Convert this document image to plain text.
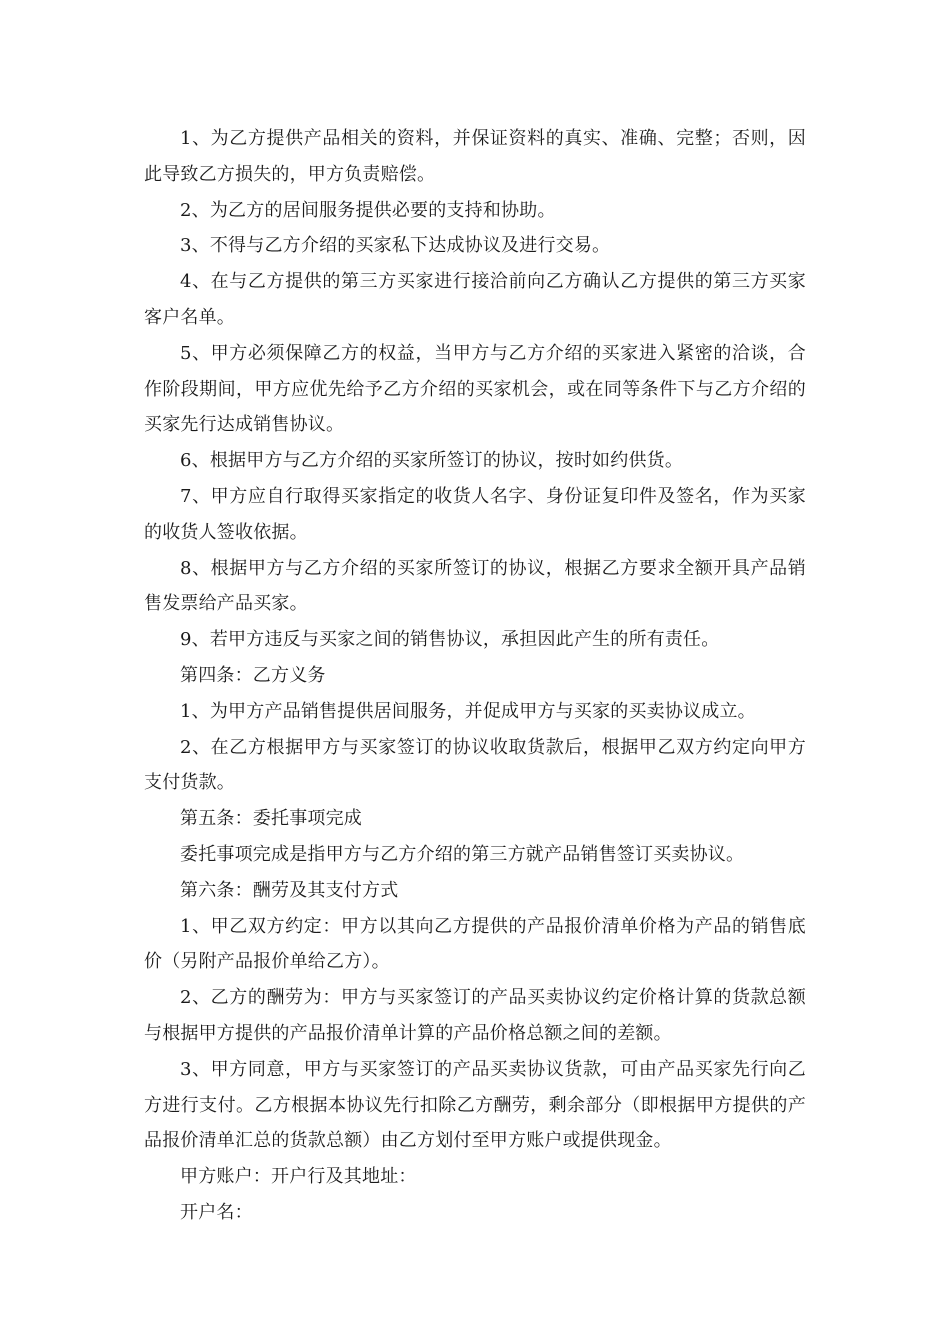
1、为乙方提供产品相关的资料，并保证资料的真实、准确、完整；否则，因此导致乙方损失的，甲方负责赔偿。

2、为乙方的居间服务提供必要的支持和协助。

3、不得与乙方介绍的买家私下达成协议及进行交易。

4、在与乙方提供的第三方买家进行接洽前向乙方确认乙方提供的第三方买家客户名单。

5、甲方必须保障乙方的权益，当甲方与乙方介绍的买家进入紧密的洽谈，合作阶段期间，甲方应优先给予乙方介绍的买家机会，或在同等条件下与乙方介绍的买家先行达成销售协议。

6、根据甲方与乙方介绍的买家所签订的协议，按时如约供货。

7、甲方应自行取得买家指定的收货人名字、身份证复印件及签名，作为买家的收货人签收依据。

8、根据甲方与乙方介绍的买家所签订的协议，根据乙方要求全额开具产品销售发票给产品买家。

9、若甲方违反与买家之间的销售协议，承担因此产生的所有责任。

第四条：乙方义务

1、为甲方产品销售提供居间服务，并促成甲方与买家的买卖协议成立。

2、在乙方根据甲方与买家签订的协议收取货款后，根据甲乙双方约定向甲方支付货款。

第五条：委托事项完成

委托事项完成是指甲方与乙方介绍的第三方就产品销售签订买卖协议。

第六条：酬劳及其支付方式

1、甲乙双方约定：甲方以其向乙方提供的产品报价清单价格为产品的销售底价（另附产品报价单给乙方）。

2、乙方的酬劳为：甲方与买家签订的产品买卖协议约定价格计算的货款总额与根据甲方提供的产品报价清单计算的产品价格总额之间的差额。

3、甲方同意，甲方与买家签订的产品买卖协议货款，可由产品买家先行向乙方进行支付。乙方根据本协议先行扣除乙方酬劳，剩余部分（即根据甲方提供的产品报价清单汇总的货款总额）由乙方划付至甲方账户或提供现金。

甲方账户：开户行及其地址：

开户名：
